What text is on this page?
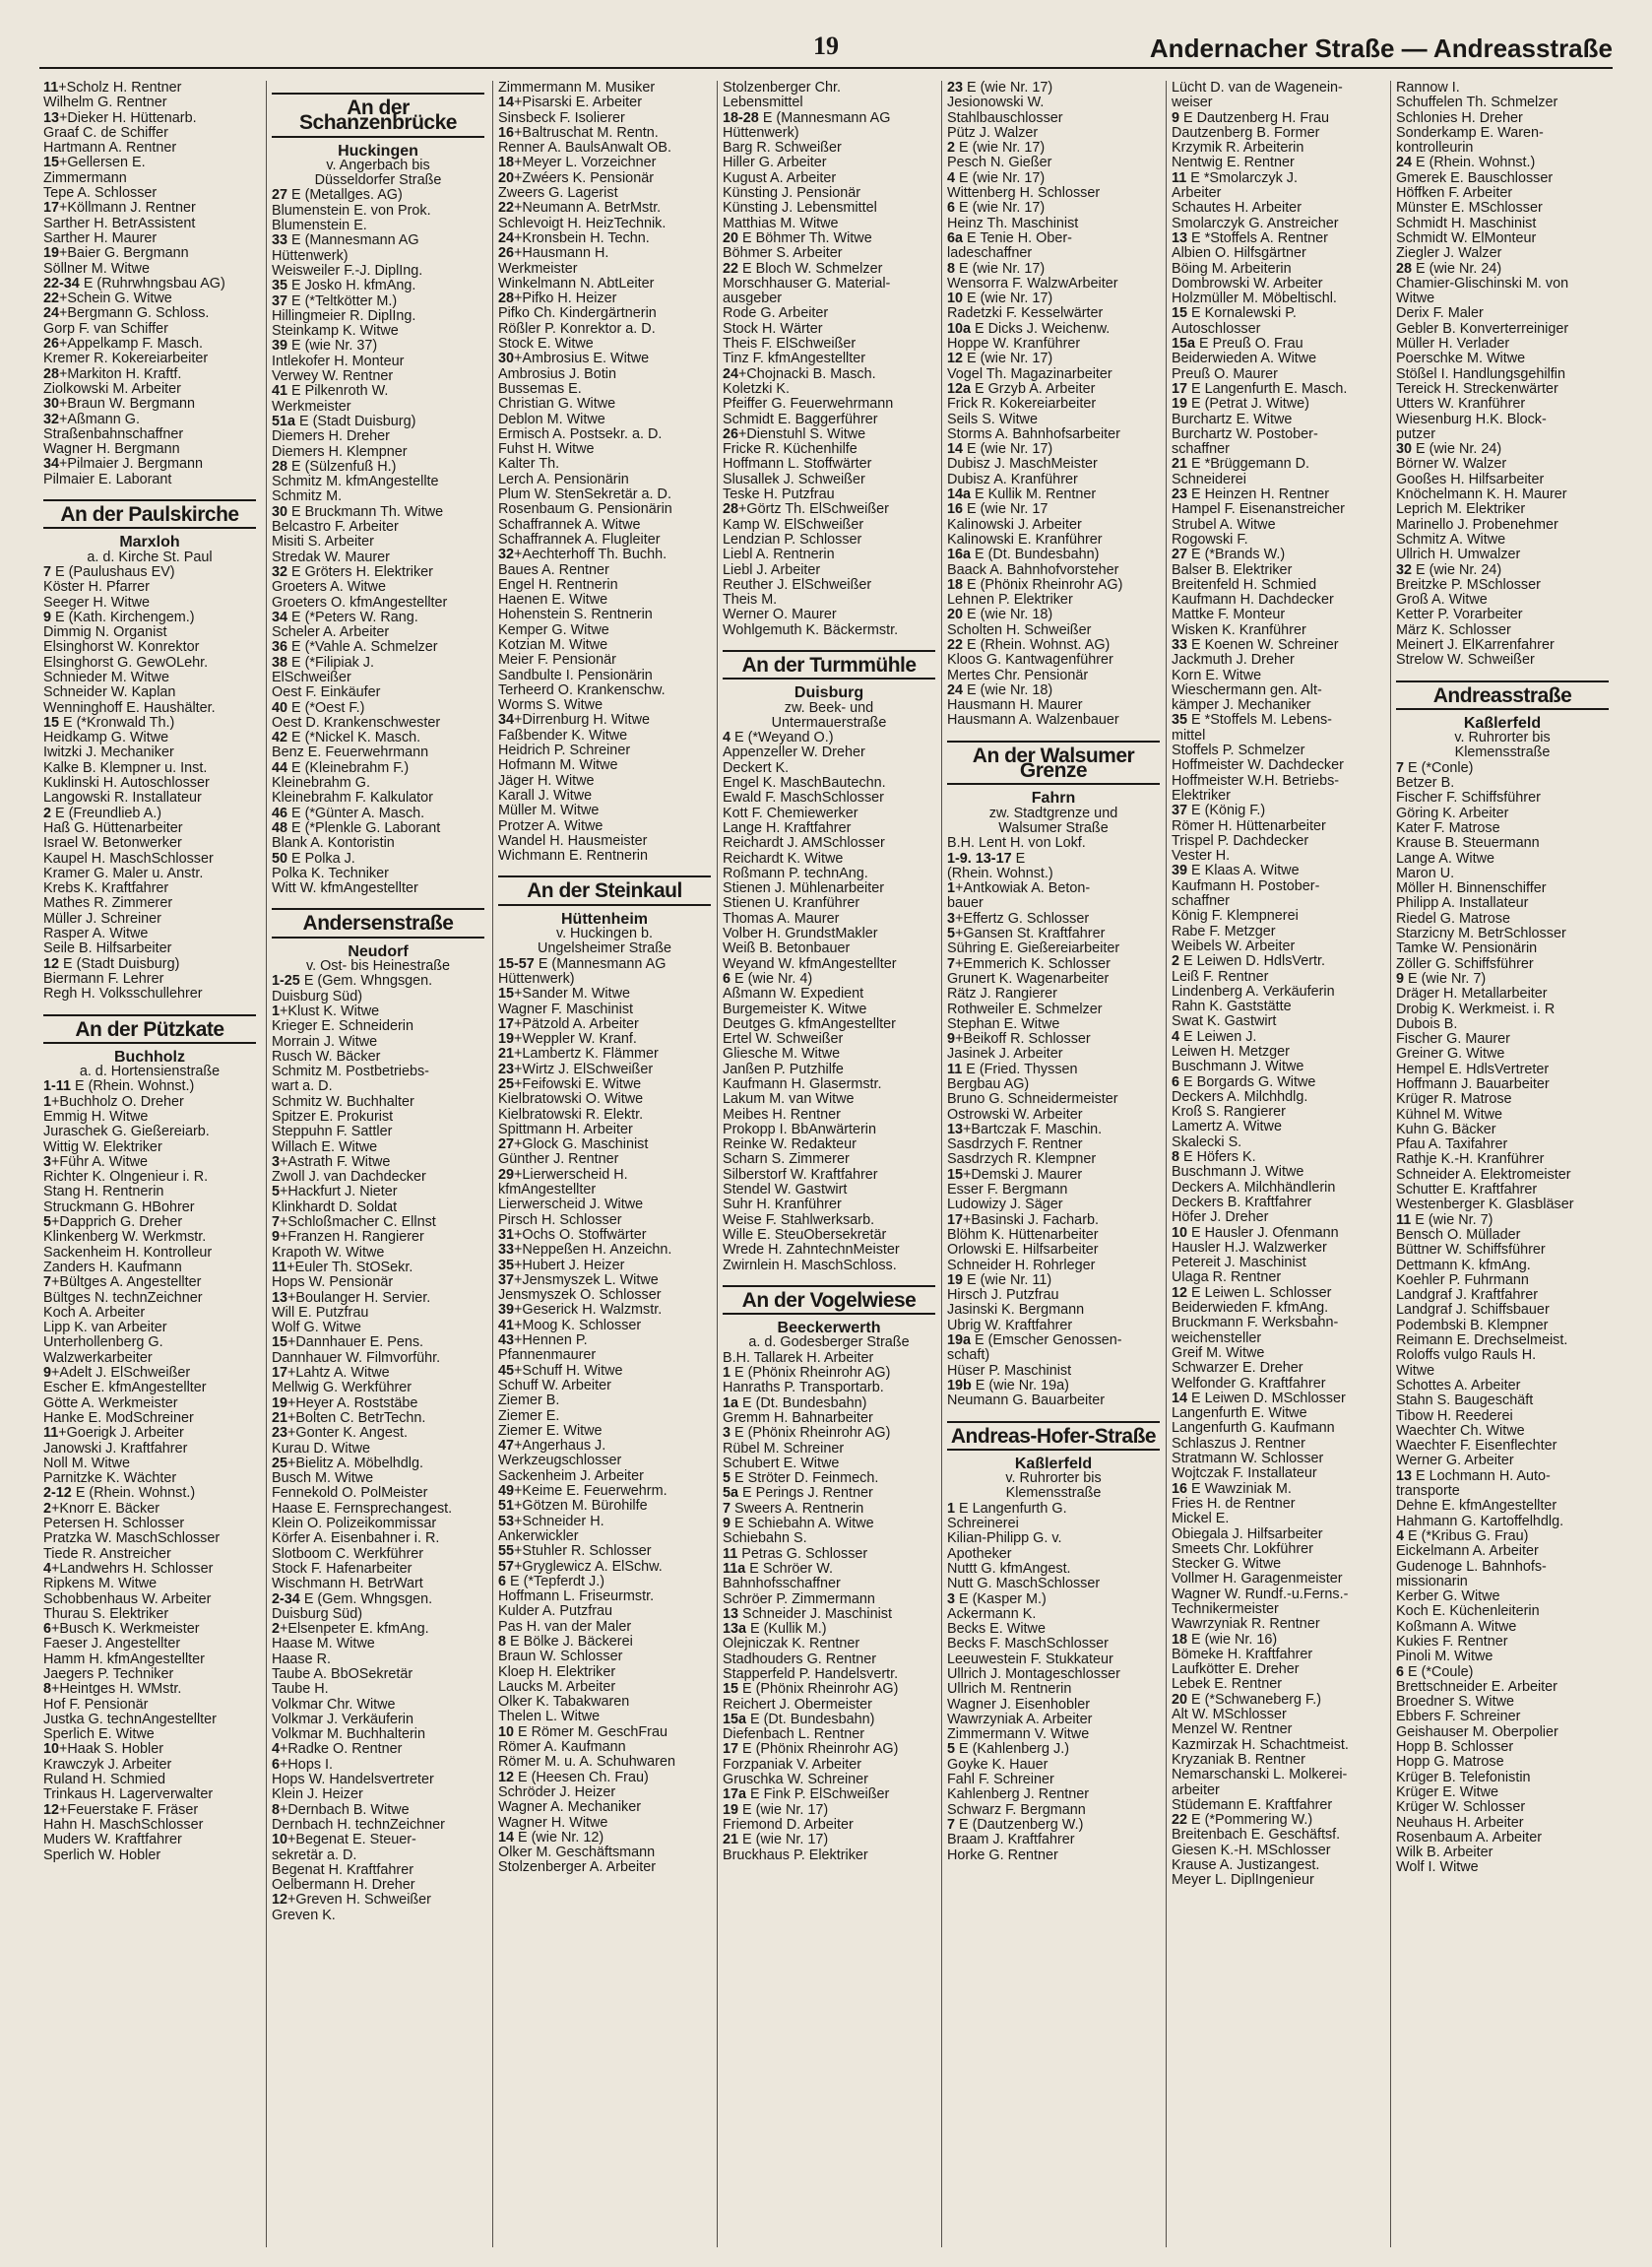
19	Andernacher Straße — Andreasstraße
11+Scholz H. Rentner
Wilhelm G. Rentner
13+Dieker H. Hüttenarb.
Graaf C. de Schiffer
Hartmann A. Rentner
15+Gellersen E.
Zimmermann
Tepe A. Schlosser
17+Köllmann J. Rentner
Sarther H. BetrAssistent
Sarther H. Maurer
19+Baier G. Bergmann
Söllner M. Witwe
22-34 E (Ruhrwhngsbau AG)
22+Schein G. Witwe
24+Bergmann G. Schloss.
Gorp F. van Schiffer
26+Appelkamp F. Masch.
Kremer R. Kokereiarbeiter
28+Markiton H. Kraftf.
Ziolkowski M. Arbeiter
30+Braun W. Bergmann
32+Aßmann G.
Straßenbahnschaffner
Wagner H. Bergmann
34+Pilmaier J. Bergmann
Pilmaier E. Laborant
An der Paulskirche
Marxloh
a. d. Kirche St. Paul
7 E (Paulushaus EV)
Köster H. Pfarrer
Seeger H. Witwe
9 E (Kath. Kirchengem.)
Dimmig N. Organist
Elsinghorst W. Konrektor
Elsinghorst G. GewOLehr.
Schnieder M. Witwe
Schneider W. Kaplan
Wenninghoff E. Haushälter.
15 E (*Kronwald Th.)
Heidkamp G. Witwe
Iwitzki J. Mechaniker
Kalke B. Klempner u. Inst.
Kuklinski H. Autoschlosser
Langowski R. Installateur
2 E (Freundlieb A.)
Haß G. Hüttenarbeiter
Israel W. Betonwerker
Kaupel H. MaschSchlosser
Kramer G. Maler u. Anstr.
Krebs K. Kraftfahrer
Mathes R. Zimmerer
Müller J. Schreiner
Rasper A. Witwe
Seile B. Hilfsarbeiter
12 E (Stadt Duisburg)
Biermann F. Lehrer
Regh H. Volksschullehrer
An der Pützkate
Buchholz
a. d. Hortensienstraße
1-11 E (Rhein. Wohnst.)
1+Buchholz O. Dreher
Emmig H. Witwe
Juraschek G. Gießereiarb.
Wittig W. Elektriker
3+Führ A. Witwe
Richter K. Olngenieur i. R.
Stang H. Rentnerin
Struckmann G. HBohrer
5+Dapprich G. Dreher
Klinkenberg W. Werkmstr.
Sackenheim H. Kontrolleur
Zanders H. Kaufmann
7+Bültges A. Angestellter
Bültges N. technZeichner
Koch A. Arbeiter
Lipp K. van Arbeiter
Unterhollenberg G.
Walzwerkarbeiter
9+Adelt J. ElSchweißer
Escher E. kfmAngestellter
Götte A. Werkmeister
Hanke E. ModSchreiner
11+Goerigk J. Arbeiter
Janowski J. Kraftfahrer
Noll M. Witwe
Parnitzke K. Wächter
2-12 E (Rhein. Wohnst.)
2+Knorr E. Bäcker
Petersen H. Schlosser
Pratzka W. MaschSchlosser
Tiede R. Anstreicher
4+Landwehrs H. Schlosser
Ripkens M. Witwe
Schobbenhaus W. Arbeiter
Thurau S. Elektriker
6+Busch K. Werkmeister
Faeser J. Angestellter
Hamm H. kfmAngestellter
Jaegers P. Techniker
8+Heintges H. WMstr.
Hof F. Pensionär
Justka G. technAngestellter
Sperlich E. Witwe
10+Haak S. Hobler
Krawczyk J. Arbeiter
Ruland H. Schmied
Trinkaus H. Lagerverwalter
12+Feuerstake F. Fräser
Hahn H. MaschSchlosser
Muders W. Kraftfahrer
Sperlich W. Hobler
An der Schanzenbrücke
Huckingen
v. Angerbach bis
Düsseldorfer Straße
27 E (Metallges. AG)
Blumenstein E. von Prok.
Blumenstein E.
33 E (Mannesmann AG
Hüttenwerk)
Weisweiler F.-J. DiplIng.
35 E Josko H. kfmAng.
37 E (*Teltkötter M.)
Hillingmeier R. DiplIng.
Steinkamp K. Witwe
39 E (wie Nr. 37)
Intlekofer H. Monteur
Verwey W. Rentner
41 E Pilkenroth W.
Werkmeister
51a E (Stadt Duisburg)
Diemers H. Dreher
Diemers H. Klempner
28 E (Sülzenfuß H.)
Schmitz M. kfmAngestellte
Schmitz M.
30 E Bruckmann Th. Witwe
Belcastro F. Arbeiter
Misiti S. Arbeiter
Stredak W. Maurer
32 E Gröters H. Elektriker
Groeters A. Witwe
Groeters O. kfmAngestellter
34 E (*Peters W. Rang.
Scheler A. Arbeiter
36 E (*Vahle A. Schmelzer
38 E (*Filipiak J.
ElSchweißer
Oest F. Einkäufer
40 E (*Oest F.)
Oest D. Krankenschwester
42 E (*Nickel K. Masch.
Benz E. Feuerwehrmann
44 E (Kleinebrahm F.)
Kleinebrahm G.
Kleinebrahm F. Kalkulator
46 E (*Günter A. Masch.
48 E (*Plenkle G. Laborant
Blank A. Kontoristin
50 E Polka J.
Polka K. Techniker
Witt W. kfmAngestellter
Andersenstraße
Neudorf
v. Ost- bis Heinestraße
1-25 E (Gem. Whngsgen.
Duisburg Süd)
1+Klust K. Witwe
Krieger E. Schneiderin
Morrain J. Witwe
Rusch W. Bäcker
Schmitz M. Postbetriebs-
wart a. D.
Schmitz W. Buchhalter
Spitzer E. Prokurist
Steppuhn F. Sattler
Willach E. Witwe
3+Astrath F. Witwe
Zwoll J. van Dachdecker
5+Hackfurt J. Nieter
Klinkhardt D. Soldat
7+Schloßmacher C. Ellnst
9+Franzen H. Rangierer
Krapoth W. Witwe
11+Euler Th. StOSekr.
Hops W. Pensionär
13+Boulanger H. Servier.
Will E. Putzfrau
Wolf G. Witwe
15+Dannhauer E. Pens.
Dannhauer W. Filmvorführ.
17+Lahtz A. Witwe
Mellwig G. Werkführer
19+Heyer A. Roststäbe
21+Bolten C. BetrTechn.
23+Gonter K. Angest.
Kurau D. Witwe
25+Bielitz A. Möbelhdlg.
Busch M. Witwe
Fennekold O. PolMeister
Haase E. Fernsprechangest.
Klein O. Polizeikommissar
Körfer A. Eisenbahner i. R.
Slotboom C. Werkführer
Stock F. Hafenarbeiter
Wischmann H. BetrWart
2-34 E (Gem. Whngsgen.
Duisburg Süd)
2+Elsenpeter E. kfmAng.
Haase M. Witwe
Haase R.
Taube A. BbOSekretär
Taube H.
Volkmar Chr. Witwe
Volkmar J. Verkäuferin
Volkmar M. Buchhalterin
4+Radke O. Rentner
6+Hops I.
Hops W. Handelsvertreter
Klein J. Heizer
8+Dernbach B. Witwe
Dernbach H. technZeichner
10+Begenat E. Steuer-
sekretär a. D.
Begenat H. Kraftfahrer
Oelbermann H. Dreher
12+Greven H. Schweißer
Greven K.
Zimmermann M. Musiker
14+Pisarski E. Arbeiter
Sinsbeck F. Isolierer
16+Baltruschat M. Rentn.
Renner A. BaulsAnwalt OB.
18+Meyer L. Vorzeichner
20+Zwéers K. Pensionär
Zweers G. Lagerist
22+Neumann A. BetrMstr.
Schlevoigt H. HeizTechnik.
24+Kronsbein H. Techn.
26+Hausmann H.
Werkmeister
Winkelmann N. AbtLeiter
28+Pifko H. Heizer
Pifko Ch. Kindergärtnerin
Rößler P. Konrektor a. D.
Stock E. Witwe
30+Ambrosius E. Witwe
Ambrosius J. Botin
Bussemas E.
Christian G. Witwe
Deblon M. Witwe
Ermisch A. Postsekr. a. D.
Fuhst H. Witwe
Kalter Th.
Lerch A. Pensionärin
Plum W. StenSekretär a. D.
Rosenbaum G. Pensionärin
Schaffrannek A. Witwe
Schaffrannek A. Flugleiter
32+Aechterhoff Th. Buchh.
Baues A. Rentner
Engel H. Rentnerin
Haenen E. Witwe
Hohenstein S. Rentnerin
Kemper G. Witwe
Kotzian M. Witwe
Meier F. Pensionär
Sandbulte I. Pensionärin
Terheerd O. Krankenschw.
Worms S. Witwe
34+Dirrenburg H. Witwe
Faßbender K. Witwe
Heidrich P. Schreiner
Hofmann M. Witwe
Jäger H. Witwe
Karall J. Witwe
Müller M. Witwe
Protzer A. Witwe
Wandel H. Hausmeister
Wichmann E. Rentnerin
An der Steinkaul
Hüttenheim
v. Huckingen b.
Ungelsheimer Straße
15-57 E (Mannesmann AG
Hüttenwerk)
15+Sander M. Witwe
Wagner F. Maschinist
17+Pätzold A. Arbeiter
19+Weppler W. Kranf.
21+Lambertz K. Flämmer
23+Wirtz J. ElSchweißer
25+Feifowski E. Witwe
Kielbratowski O. Witwe
Kielbratowski R. Elektr.
Spittmann H. Arbeiter
27+Glock G. Maschinist
Günther J. Rentner
29+Lierwerscheid H.
kfmAngestellter
Lierwerscheid J. Witwe
Pirsch H. Schlosser
31+Ochs O. Stoffwärter
33+Neppeßen H. Anzeichn.
35+Hubert J. Heizer
37+Jensmyszek L. Witwe
Jensmyszek O. Schlosser
39+Geserick H. Walzmstr.
41+Moog K. Schlosser
43+Hennen P.
Pfannenmaurer
45+Schuff H. Witwe
Schuff W. Arbeiter
Ziemer B.
Ziemer E.
Ziemer E. Witwe
47+Angerhaus J.
Werkzeugschlosser
Sackenheim J. Arbeiter
49+Keime E. Feuerwehrm.
51+Götzen M. Bürohilfe
53+Schneider H.
Ankerwickler
55+Stuhler R. Schlosser
57+Gryglewicz A. ElSchw.
6 E (*Tepferdt J.)
Hoffmann L. Friseurmstr.
Kulder A. Putzfrau
Pas H. van der Maler
8 E Bölke J. Bäckerei
Braun W. Schlosser
Kloep H. Elektriker
Laucks M. Arbeiter
Olker K. Tabakwaren
Thelen L. Witwe
10 E Römer M. GeschFrau
Römer A. Kaufmann
Römer M. u. A. Schuhwaren
12 E (Heesen Ch. Frau)
Schröder J. Heizer
Wagner A. Mechaniker
Wagner H. Witwe
14 E (wie Nr. 12)
Olker M. Geschäftsmann
Stolzenberger A. Arbeiter
Stolzenberger Chr.
Lebensmittel
18-28 E (Mannesmann AG
Hüttenwerk)
Barg R. Schweißer
Hiller G. Arbeiter
Kugust A. Arbeiter
Künsting J. Pensionär
Künsting J. Lebensmittel
Matthias M. Witwe
20 E Böhmer Th. Witwe
Böhmer S. Arbeiter
22 E Bloch W. Schmelzer
Morschhauser G. Material-
ausgeber
Rode G. Arbeiter
Stock H. Wärter
Theis F. ElSchweißer
Tinz F. kfmAngestellter
24+Chojnacki B. Masch.
Koletzki K.
Pfeiffer G. Feuerwehrmann
Schmidt E. Baggerführer
26+Dienstuhl S. Witwe
Fricke R. Küchenhilfe
Hoffmann L. Stoffwärter
Slusallek J. Schweißer
Teske H. Putzfrau
28+Görtz Th. ElSchweißer
Kamp W. ElSchweißer
Lendzian P. Schlosser
Liebl A. Rentnerin
Liebl J. Arbeiter
Reuther J. ElSchweißer
Theis M.
Werner O. Maurer
Wohlgemuth K. Bäckermstr.
An der Turmmühle
Duisburg
zw. Beek- und
Untermauerstraße
4 E (*Weyand O.)
Appenzeller W. Dreher
Deckert K.
Engel K. MaschBautechn.
Ewald F. MaschSchlosser
Kott F. Chemiewerker
Lange H. Kraftfahrer
Reichardt J. AMSchlosser
Reichardt K. Witwe
Roßmann P. technAng.
Stienen J. Mühlenarbeiter
Stienen U. Kranführer
Thomas A. Maurer
Volber H. GrundstMakler
Weiß B. Betonbauer
Weyand W. kfmAngestellter
6 E (wie Nr. 4)
Aßmann W. Expedient
Burgemeister K. Witwe
Deutges G. kfmAngestellter
Ertel W. Schweißer
Gliesche M. Witwe
Janßen P. Putzhilfe
Kaufmann H. Glasermstr.
Lakum M. van Witwe
Meibes H. Rentner
Prokopp I. BbAnwärterin
Reinke W. Redakteur
Scharn S. Zimmerer
Silberstorf W. Kraftfahrer
Stendel W. Gastwirt
Suhr H. Kranführer
Weise F. Stahlwerksarb.
Wille E. SteuObersekretär
Wrede H. ZahntechnMeister
Zwirnlein H. MaschSchloss.
An der Vogelwiese
Beeckerwerth
a. d. Godesberger Straße
B.H. Tallarek H. Arbeiter
1 E (Phönix Rheinrohr AG)
Hanraths P. Transportarb.
1a E (Dt. Bundesbahn)
Gremm H. Bahnarbeiter
3 E (Phönix Rheinrohr AG)
Rübel M. Schreiner
Schubert E. Witwe
5 E Ströter D. Feinmech.
5a E Perings J. Rentner
7 Sweers A. Rentnerin
9 E Schiebahn A. Witwe
Schiebahn S.
11 Petras G. Schlosser
11a E Schröer W.
Bahnhofsschaffner
Schröer P. Zimmermann
13 Schneider J. Maschinist
13a E (Kullik M.)
Olejniczak K. Rentner
Stadhouders G. Rentner
Stapperfeld P. Handelsvertr.
15 E (Phönix Rheinrohr AG)
Reichert J. Obermeister
15a E (Dt. Bundesbahn)
Diefenbach L. Rentner
17 E (Phönix Rheinrohr AG)
Forzpaniak V. Arbeiter
Gruschka W. Schreiner
17a E Fink P. ElSchweißer
19 E (wie Nr. 17)
Friemond D. Arbeiter
21 E (wie Nr. 17)
Bruckhaus P. Elektriker
23 E (wie Nr. 17)
Jesionowski W.
Stahlbauschlosser
Pütz J. Walzer
2 E (wie Nr. 17)
Pesch N. Gießer
4 E (wie Nr. 17)
Wittenberg H. Schlosser
6 E (wie Nr. 17)
Heinz Th. Maschinist
6a E Tenie H. Ober-
ladeschaffner
8 E (wie Nr. 17)
Wensorra F. WalzwArbeiter
10 E (wie Nr. 17)
Radetzki F. Kesselwärter
10a E Dicks J. Weichenw.
Hoppe W. Kranführer
12 E (wie Nr. 17)
Vogel Th. Magazinarbeiter
12a E Grzyb A. Arbeiter
Frick R. Kokereiarbeiter
Seils S. Witwe
Storms A. Bahnhofsarbeiter
14 E (wie Nr. 17)
Dubisz J. MaschMeister
Dubisz A. Kranführer
14a E Kullik M. Rentner
16 E (wie Nr. 17
Kalinowski J. Arbeiter
Kalinowski E. Kranführer
16a E (Dt. Bundesbahn)
Baack A. Bahnhofvorsteher
18 E (Phönix Rheinrohr AG)
Lehnen P. Elektriker
20 E (wie Nr. 18)
Scholten H. Schweißer
22 E (Rhein. Wohnst. AG)
Kloos G. Kantwagenführer
Mertes Chr. Pensionär
24 E (wie Nr. 18)
Hausmann H. Maurer
Hausmann A. Walzenbauer
An der Walsumer Grenze
Fahrn
zw. Stadtgrenze und
Walsumer Straße
B.H. Lent H. von Lokf.
1-9. 13-17 E
(Rhein. Wohnst.)
1+Antkowiak A. Beton-
bauer
3+Effertz G. Schlosser
5+Gansen St. Kraftfahrer
Sühring E. Gießereiarbeiter
7+Emmerich K. Schlosser
Grunert K. Wagenarbeiter
Rätz J. Rangierer
Rothweiler E. Schmelzer
Stephan E. Witwe
9+Beikoff R. Schlosser
Jasinek J. Arbeiter
11 E (Fried. Thyssen
Bergbau AG)
Bruno G. Schneidermeister
Ostrowski W. Arbeiter
13+Bartczak F. Maschin.
Sasdrzych F. Rentner
Sasdrzych R. Klempner
15+Demski J. Maurer
Esser F. Bergmann
Ludowizy J. Säger
17+Basinski J. Facharb.
Blöhm K. Hüttenarbeiter
Orlowski E. Hilfsarbeiter
Schneider H. Rohrleger
19 E (wie Nr. 11)
Hirsch J. Putzfrau
Jasinski K. Bergmann
Ubrig W. Kraftfahrer
19a E (Emscher Genossen-
schaft)
Hüser P. Maschinist
19b E (wie Nr. 19a)
Neumann G. Bauarbeiter
Andreas-Hofer-Straße
Kaßlerfeld
v. Ruhrorter bis
Klemensstraße
1 E Langenfurth G.
Schreinerei
Kilian-Philipp G. v.
Apotheker
Nuttt G. kfmAngest.
Nutt G. MaschSchlosser
3 E (Kasper M.)
Ackermann K.
Becks E. Witwe
Becks F. MaschSchlosser
Leeuwestein F. Stukkateur
Ullrich J. Montageschlosser
Ullrich M. Rentnerin
Wagner J. Eisenhobler
Wawrzyniak A. Arbeiter
Zimmermann V. Witwe
5 E (Kahlenberg J.)
Goyke K. Hauer
Fahl F. Schreiner
Kahlenberg J. Rentner
Schwarz F. Bergmann
7 E (Dautzenberg W.)
Braam J. Kraftfahrer
Horke G. Rentner
Lücht D. van de Wagenein-
weiser
9 E Dautzenberg H. Frau
Dautzenberg B. Former
Krzymik R. Arbeiterin
Nentwig E. Rentner
11 E *Smolarczyk J.
Arbeiter
Schautes H. Arbeiter
Smolarczyk G. Anstreicher
13 E *Stoffels A. Rentner
Albien O. Hilfsgärtner
Böing M. Arbeiterin
Dombrowski W. Arbeiter
Holzmüller M. Möbeltischl.
15 E Kornalewski P.
Autoschlosser
15a E Preuß O. Frau
Beiderwieden A. Witwe
Preuß O. Maurer
17 E Langenfurth E. Masch.
19 E (Petrat J. Witwe)
Burchartz E. Witwe
Burchartz W. Postober-
schaffner
21 E *Brüggemann D.
Schneiderei
23 E Heinzen H. Rentner
Hampel F. Eisenanstreicher
Strubel A. Witwe
Rogowski F.
27 E (*Brands W.)
Balser B. Elektriker
Breitenfeld H. Schmied
Kaufmann H. Dachdecker
Mattke F. Monteur
Wisken K. Kranführer
33 E Koenen W. Schreiner
Jackmuth J. Dreher
Korn E. Witwe
Wieschermann gen. Alt-
kämper J. Mechaniker
35 E *Stoffels M. Lebens-
mittel
Stoffels P. Schmelzer
Hoffmeister W. Dachdecker
Hoffmeister W.H. Betriebs-
Elektriker
37 E (König F.)
Römer H. Hüttenarbeiter
Trispel P. Dachdecker
Vester H.
39 E Klaas A. Witwe
Kaufmann H. Postober-
schaffner
König F. Klempnerei
Rabe F. Metzger
Weibels W. Arbeiter
2 E Leiwen D. HdlsVertr.
Leiß F. Rentner
Lindenberg A. Verkäuferin
Rahn K. Gaststätte
Swat K. Gastwirt
4 E Leiwen J.
Leiwen H. Metzger
Buschmann J. Witwe
6 E Borgards G. Witwe
Deckers A. Milchhdlg.
Kroß S. Rangierer
Lamertz A. Witwe
Skalecki S.
8 E Höfers K.
Buschmann J. Witwe
Deckers A. Milchhändlerin
Deckers B. Kraftfahrer
Höfer J. Dreher
10 E Hausler J. Ofenmann
Hausler H.J. Walzwerker
Petereit J. Maschinist
Ulaga R. Rentner
12 E Leiwen L. Schlosser
Beiderwieden F. kfmAng.
Bruckmann F. Werksbahn-
weichensteller
Greif M. Witwe
Schwarzer E. Dreher
Welfonder G. Kraftfahrer
14 E Leiwen D. MSchlosser
Langenfurth E. Witwe
Langenfurth G. Kaufmann
Schlaszus J. Rentner
Stratmann W. Schlosser
Wojtczak F. Installateur
16 E Wawziniak M.
Fries H. de Rentner
Mickel E.
Obiegala J. Hilfsarbeiter
Smeets Chr. Lokführer
Stecker G. Witwe
Vollmer H. Garagenmeister
Wagner W. Rundf.-u.Ferns.-
Technikermeister
Wawrzyniak R. Rentner
18 E (wie Nr. 16)
Bömeke H. Kraftfahrer
Laufkötter E. Dreher
Lebek E. Rentner
20 E (*Schwaneberg F.)
Alt W. MSchlosser
Menzel W. Rentner
Kazmirzak H. Schachtmeist.
Kryzaniak B. Rentner
Nemarschanski L. Molkerei-
arbeiter
Stüdemann E. Kraftfahrer
22 E (*Pommering W.)
Breitenbach E. Geschäftsf.
Giesen K.-H. MSchlosser
Krause A. Justizangest.
Meyer L. DiplIngenieur
Rannow I.
Schuffelen Th. Schmelzer
Schlonies H. Dreher
Sonderkamp E. Waren-
kontrolleurin
24 E (Rhein. Wohnst.)
Gmerek E. Bauschlosser
Höffken F. Arbeiter
Münster E. MSchlosser
Schmidt H. Maschinist
Schmidt W. ElMonteur
Ziegler J. Walzer
28 E (wie Nr. 24)
Chamier-Glischinski M. von
Witwe
Derix F. Maler
Gebler B. Konverterreiniger
Müller H. Verlader
Poerschke M. Witwe
Stößel I. Handlungsgehilfin
Tereick H. Streckenwärter
Utters W. Kranführer
Wiesenburg H.K. Block-
putzer
30 E (wie Nr. 24)
Börner W. Walzer
Gooßes H. Hilfsarbeiter
Knöchelmann K. H. Maurer
Leprich M. Elektriker
Marinello J. Probenehmer
Schmitz A. Witwe
Ullrich H. Umwalzer
32 E (wie Nr. 24)
Breitzke P. MSchlosser
Groß A. Witwe
Ketter P. Vorarbeiter
März K. Schlosser
Meinert J. ElKarrenfahrer
Strelow W. Schweißer
Andreasstraße
Kaßlerfeld
v. Ruhrorter bis
Klemensstraße
7 E (*Conle)
Betzer B.
Fischer F. Schiffsführer
Göring K. Arbeiter
Kater F. Matrose
Krause B. Steuermann
Lange A. Witwe
Maron U.
Möller H. Binnenschiffer
Philipp A. Installateur
Riedel G. Matrose
Starzicny M. BetrSchlosser
Tamke W. Pensionärin
Zöller G. Schiffsführer
9 E (wie Nr. 7)
Dräger H. Metallarbeiter
Drobig K. Werkmeist. i. R
Dubois B.
Fischer G. Maurer
Greiner G. Witwe
Hempel E. HdlsVertreter
Hoffmann J. Bauarbeiter
Krüger R. Matrose
Kühnel M. Witwe
Kuhn G. Bäcker
Pfau A. Taxifahrer
Rathje K.-H. Kranführer
Schneider A. Elektromeister
Schutter E. Kraftfahrer
Westenberger K. Glasbläser
11 E (wie Nr. 7)
Bensch O. Müllader
Büttner W. Schiffsführer
Dettmann K. kfmAng.
Koehler P. Fuhrmann
Landgraf J. Kraftfahrer
Landgraf J. Schiffsbauer
Podembski B. Klempner
Reimann E. Drechselmeist.
Roloffs vulgo Rauls H.
Witwe
Schottes A. Arbeiter
Stahn S. Baugeschäft
Tibow H. Reederei
Waechter Ch. Witwe
Waechter F. Eisenflechter
Werner G. Arbeiter
13 E Lochmann H. Auto-
transporte
Dehne E. kfmAngestellter
Hahmann G. Kartoffelhdlg.
4 E (*Kribus G. Frau)
Eickelmann A. Arbeiter
Gudenoge L. Bahnhofs-
missionarin
Kerber G. Witwe
Koch E. Küchenleiterin
Koßmann A. Witwe
Kukies F. Rentner
Pinoli M. Witwe
6 E (*Coule)
Brettschneider E. Arbeiter
Broedner S. Witwe
Ebbers F. Schreiner
Geishauser M. Oberpolier
Hopp B. Schlosser
Hopp G. Matrose
Krüger B. Telefonistin
Krüger E. Witwe
Krüger W. Schlosser
Neuhaus H. Arbeiter
Rosenbaum A. Arbeiter
Wilk B. Arbeiter
Wolf I. Witwe
